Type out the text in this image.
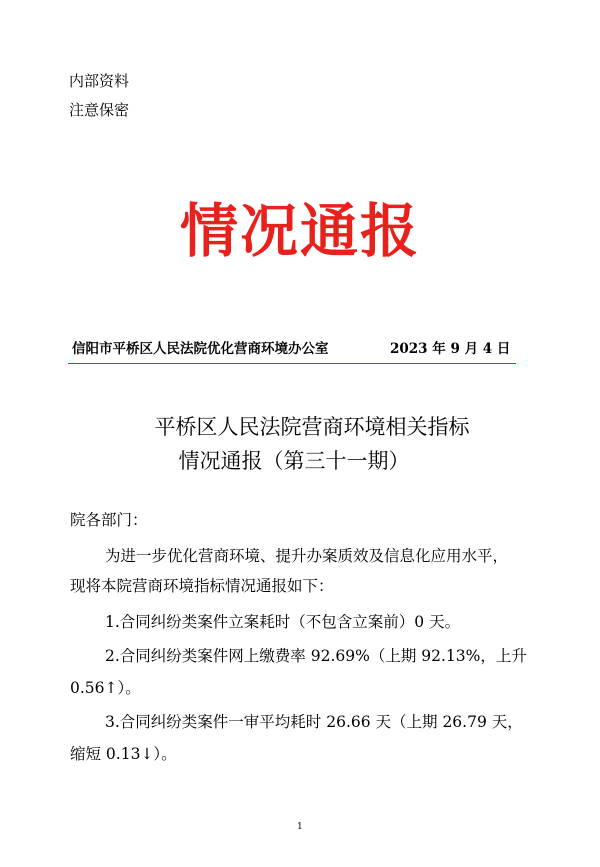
内部资料
注意保密
情况通报
信阳市平桥区人民法院优化营商环境办公室	2023 年 9 月 4 日
平桥区人民法院营商环境相关指标
情况通报（第三十一期）
院各部门：
为进一步优化营商环境、提升办案质效及信息化应用水平，
现将本院营商环境指标情况通报如下：
1.合同纠纷类案件立案耗时（不包含立案前）0 天。
2.合同纠纷类案件网上缴费率 92.69%（上期 92.13%，上升
0.56↑）。
3.合同纠纷类案件一审平均耗时 26.66 天（上期 26.79 天，
缩短 0.13↓）。
1
